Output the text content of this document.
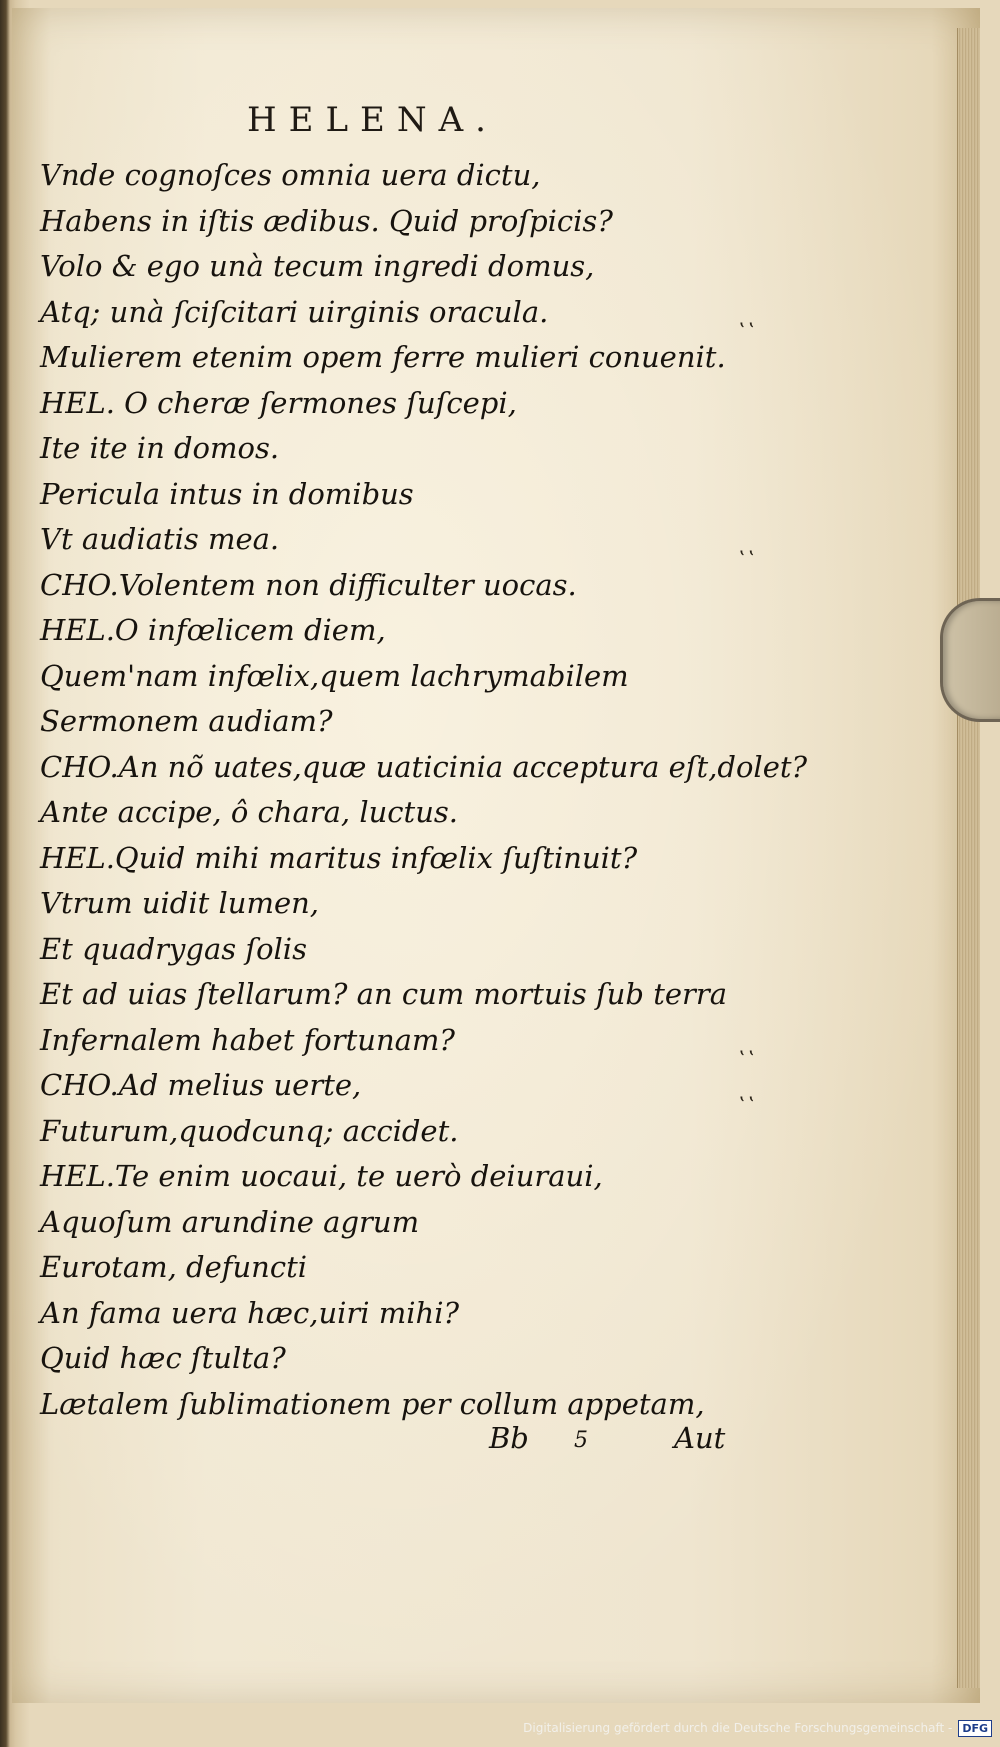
HELENA.
Vnde cognoſces omnia uera dictu,
Habens in iſtis ædibus. Quid proſpicis?
Volo & ego unà tecum ingredi domus,
Atq; unà ſciſcitari uirginis oracula.
Mulierem etenim opem ferre mulieri conuenit.
HEL. O cheræ ſermones ſuſcepi,
Ite ite in domos.
Pericula intus in domibus
Vt audiatis mea.
CHO.Volentem non difficulter uocas.
HEL.O infœlicem diem,
Quem'nam infœlix,quem lachrymabilem
Sermonem audiam?
CHO.An nõ uates,quæ uaticinia acceptura eſt,dolet?
Ante accipe, ô chara, luctus.
HEL.Quid mihi maritus infœlix ſuſtinuit?
Vtrum uidit lumen,
Et quadrygas ſolis
Et ad uias ſtellarum? an cum mortuis ſub terra
Infernalem habet fortunam?
CHO.Ad melius uerte,
Futurum,quodcunq; accidet.
HEL.Te enim uocaui, te uerò deiuraui,
Aquoſum arundine agrum
Eurotam, defuncti
An fama uera hæc,uiri mihi?
Quid hæc ſtulta?
Lætalem ſublimationem per collum appetam,
‛‛
‛‛
‛‛
‛‛
Bb 5	Aut
Digitalisierung gefördert durch die Deutsche Forschungsgemeinschaft - DFG
